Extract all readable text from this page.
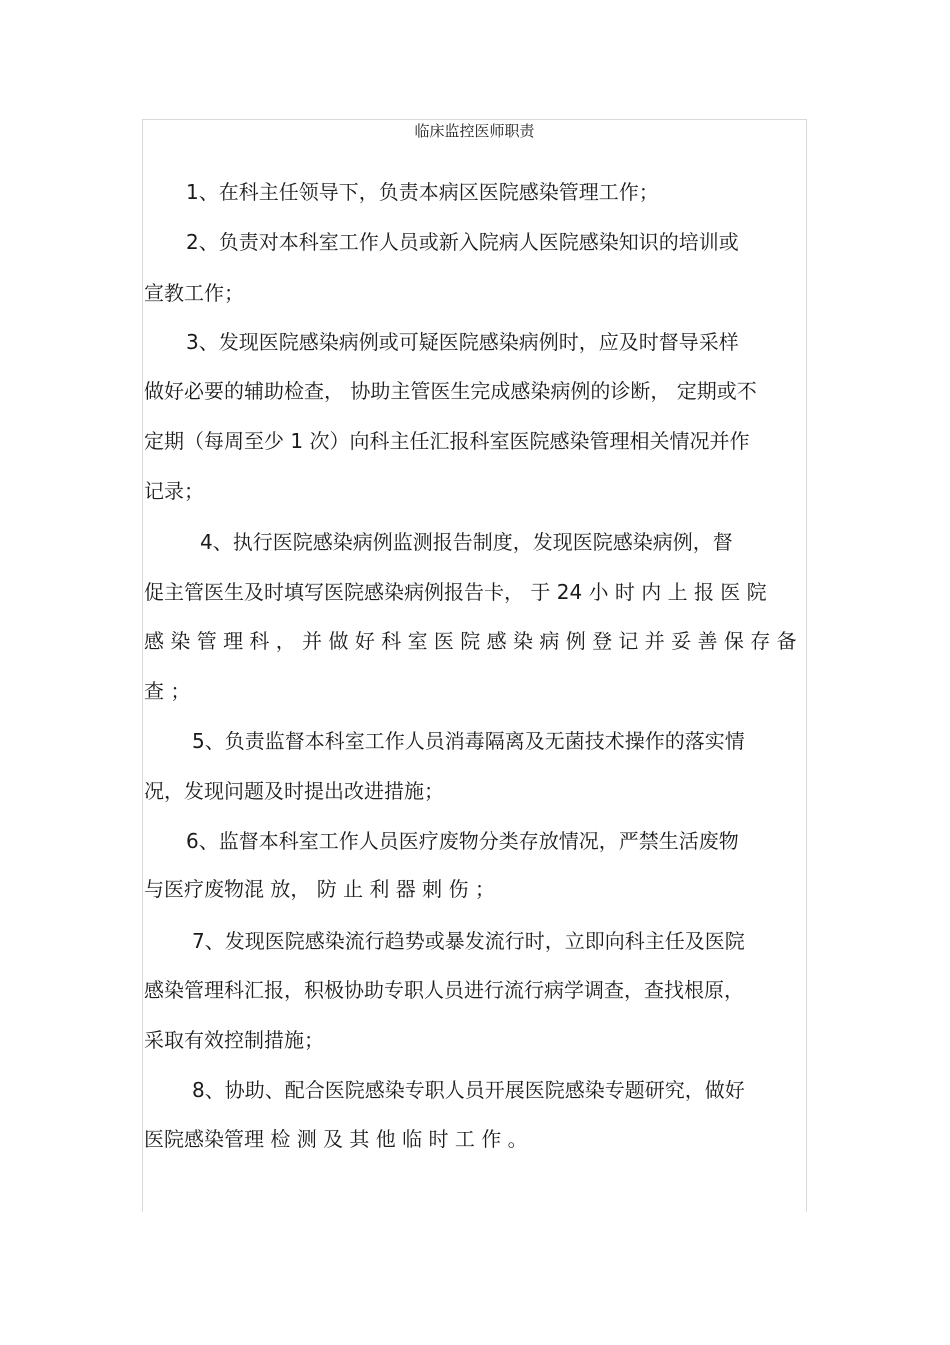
临床监控医师职责
1、在科主任领导下，负责本病区医院感染管理工作；
2、负责对本科室工作人员或新入院病人医院感染知识的培训或
宣教工作；
3、发现医院感染病例或可疑医院感染病例时，应及时督导采样
做好必要的辅助检查， 协助主管医生完成感染病例的诊断， 定期或不
定期（每周至少 1 次）向科主任汇报科室医院感染管理相关情况并作
记录；
4、执行医院感染病例监测报告制度，发现医院感染病例，督
促主管医生及时填写医院感染病例报告卡， 于 24 小 时 内 上 报 医 院
感 染 管 理 科 ， 并 做 好 科 室 医 院 感 染 病 例 登 记 并 妥 善 保 存 备
查 ；
5、负责监督本科室工作人员消毒隔离及无菌技术操作的落实情
况，发现问题及时提出改进措施；
6、监督本科室工作人员医疗废物分类存放情况，严禁生活废物
与医疗废物混 放， 防 止 利 器 刺 伤 ；
7、发现医院感染流行趋势或暴发流行时，立即向科主任及医院
感染管理科汇报，积极协助专职人员进行流行病学调查，查找根原，
采取有效控制措施；
8、协助、配合医院感染专职人员开展医院感染专题研究，做好
医院感染管理 检 测 及 其 他 临 时 工 作 。
